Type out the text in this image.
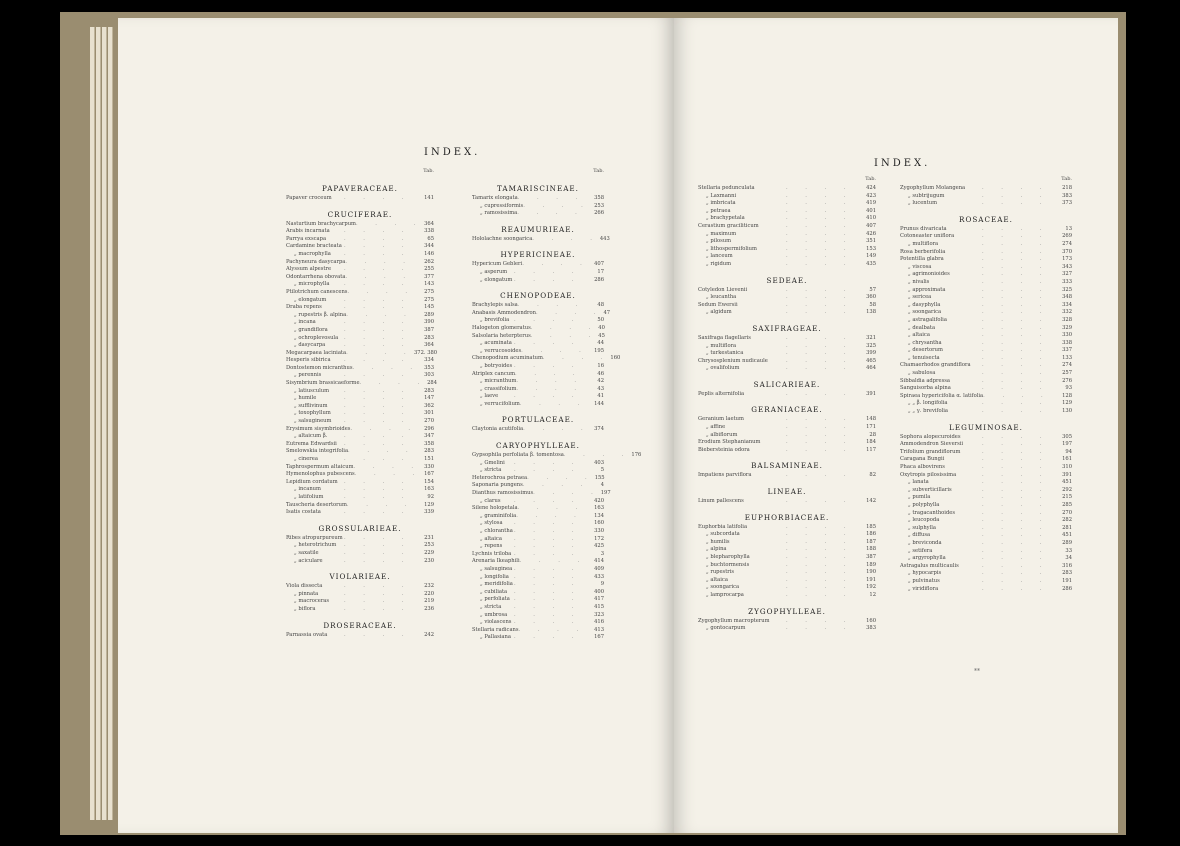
INDEX.
Tab.
PAPAVERACEAE.
Papaver croceum	. . . .	141
CRUCIFERAE.
Nasturtium brachycarpum . . . . 364
Arabis incarnata	. . . .	338
Parrya exscapa	. . . .	65
Cardamine bracteata . . . .	344
„ macrophylla	. . . .	146
Pachyneura dasycarpa . . . .	262
Alyssum alpestre	. . . .	255
Odontarrhena obovata . . . .	377
„ microphylla	. . . .	143
Ptilotrichum canescens . . . .	275
„ elongatum	. . . .	275
Draba repens	. . . .	145
„ rupestris β. alpina . . . .	289
„ incana	. . . .	390
„ grandiflora	. . . .	387
„ ochroplevosula	. . . .	283
„ dasycarpa	. . . .	364
Megacarpaea laciniata . . . . 372. 380
Hesperis sibirica	. . . .	334
Dontostemon micranthus . . . . 353
„ perennis	. . . .	303
Sisymbrium brassicaeforme . . . . 284
„ latiusculum	. . . .	283
„ humile	. . . .	147
„ sufflivinum	. . . .	362
„ toxophyllum	. . . .	301
„ salsugineum	. . . .	270
Erysimum sisymbrioides . . . .	296
„ altaicum β.	. . . .	347
Eutrema Edwardsii	. . . .	358
Smelowskia integrifolia . . . .	283
„ cinerea	. . . .	151
Taphrospermum altaicum . . . . 330
Hymenolophus pubescens . . . . 167
Lepidium cordatum	. . . .	154
„ incanum	. . . .	163
„ latifolium	. . . .	92
Tauscheria desertorum . . . .	129
Isatis costata	. . . .	339
GROSSULARIEAE.
Ribes atropurpureum . . . .	231
„ heterotrichum	. . . .	253
„ saxatile	. . . .	229
„ aciculare	. . . .	230
VIOLARIEAE.
Viola dissecta	. . . .	232
„ pinnata	. . . .	220
„ macroceras	. . . .	219
„ biflora	. . . .	236
DROSERACEAE.
Parnassia ovata	. . . .	242
Tab.
TAMARISCINEAE.
Tamarix elongata . . . .	358
„ cupressiformis . . . . 253
„ ramosissima . . . .	266
REAUMURIEAE.
Hololachne soongarica . . . . 443
HYPERICINEAE.
Hypericum Gebleri . . . . 407
„ asperum	. . . .	17
„ elongatum . . . .	286
CHENOPODEAE.
Brachylepis salsa . . . .	48
Anabasis Ammodendron . . . . 47
„ brevifolia . . . .	50
Halogeton glomeratus . . . . 40
Salsolaria heterpterus . . . . 45
„ acuminata . . . .	44
„ verrucosoides . . . .	195
Chenopodium acuminatum . . . . 160
„ botryoides . . . .	16
Atriplex cancum . . . .	46
„ micranthum . . . .	42
„ crassifolium . . . .	43
„ laeve	. . . .	41
„ verrucifolium . . . .	144
PORTULACEAE.
Claytonia acutifolia . . . . 374
CARYOPHYLLEAE.
Gypsophila perfoliata β. tomentosa . . . . 176
„ Gmelini	. . . .	403
„ stricta	. . . .	5
Heterochroa petraea . . . . 155
Saponaria pungens . . . .	4
Dianthus ramosissimus . . . . 197
„ clarus	. . . .	420
Silene holopetala . . . .	163
„ graminifolia . . . .	134
„ stylosa	. . . .	160
„ chlorantha . . . .	330
„ altaica	. . . .	172
„ repens	. . . .	425
Lychnis triloba . . . .	3
Arenaria Ikeaphili . . . .	414
„ salsuginea . . . .	409
„ longifolia . . . .	433
„ meridifolia . . . .	9
„ cubiliata	. . . .	400
„ perfoliata . . . .	417
„ stricta	. . . .	415
„ umbrosa	. . . .	323
„ violascens . . . .	416
Stellaria radicans . . . .	413
„ Pallasiana . . . .	167
INDEX.
Tab.
Stellaria pedunculata	. . . .	424
„ Laxmanni	. . . .	423
„ imbricata	. . . .	419
„ petraea	. . . .	401
„ brachypetala	. . . .	410
Cerastium graciliticum	. . . .	407
„ maximum	. . . .	426
„ pilosum	. . . .	351
„ lithospermifolium	. . . .	153
„ lanceum	. . . .	149
„ rigidum	. . . .	435
SEDEAE.
Cotyledon Lievenii	. . . .	57
„ leucantha	. . . .	360
Sedum Ewersii	. . . .	58
„ algidum	. . . .	138
SAXIFRAGEAE.
Saxifraga flagellaris	. . . .	321
„ multiflora	. . . .	325
„ turkestanica	. . . .	399
Chrysosplenium nudicaule	. . . .	465
„ ovalifolium	. . . .	464
SALICARIEAE.
Peplis alternifolia	. . . .	391
GERANIACEAE.
Geranium laetum	. . . .	148
„ affine	. . . .	171
„ albiflorum	. . . .	28
Erodium Stephanianum	. . . .	184
Biebersteinia odora	. . . .	117
BALSAMINEAE.
Impatiens parviflora	. . . .	82
LINEAE.
Linum pallescens	. . . .	142
EUPHORBIACEAE.
Euphorbia latifolia	. . . .	185
„ subcordata	. . . .	186
„ humilis	. . . .	187
„ alpina	. . . .	188
„ blepharophylla	. . . .	387
„ buchtormensis	. . . .	189
„ rupestris	. . . .	190
„ altaica	. . . .	191
„ soongarica	. . . .	192
„ lamprocarpa	. . . .	12
ZYGOPHYLLEAE.
Zygophyllum macropterum	. . . .	160
„ gontocarpum	. . . .	383
Tab.
Zygophyllum Molangena	. . . .	218
„ subtrijugum	. . . .	383
„ lucentum	. . . .	373
ROSACEAE.
Prunus divaricata	. . . .	13
Cotoneaster uniflora	. . . .	269
„ multiflora	. . . .	274
Rosa berberifolia	. . . .	370
Potentilla glabra	. . . .	173
„ viscosa	. . . .	343
„ agrimonioides	. . . .	327
„ nivalis	. . . .	333
„ approximata	. . . .	325
„ sericea	. . . .	348
„ dasyphylla	. . . .	334
„ soongarica	. . . .	332
„ astragalifolia	. . . .	328
„ dealbata	. . . .	329
„ altaica	. . . .	330
„ chrysantha	. . . .	338
„ desertorum	. . . .	337
„ tenuisecta	. . . .	133
Chamaerhodos grandiflora	. . . .	274
„ sabulosa	. . . .	257
Sibbaldia adpressa	. . . .	276
Sanguisorba alpina	. . . .	93
Spiraea hypericifolia α. latifolia . . . .	128
„ „ β. longifolia	. . . .	129
„ „ γ. brevifolia	. . . .	130
LEGUMINOSAE.
Sophora alopecuroides	. . . .	305
Ammodendron Sieversii	. . . .	197
Trifolium grandiflorum	. . . .	94
Caragana Bungii	. . . .	161
Phaca albovirens	. . . .	310
Oxytropis pilosissima	. . . .	391
„ lanata	. . . .	451
„ subverticillaris	. . . .	292
„ pumila	. . . .	215
„ polyphylla	. . . .	285
„ tragacanthoides	. . . .	270
„ leucopoda	. . . .	282
„ sulphylla	. . . .	281
„ diffusa	. . . .	451
„ breviconda	. . . .	289
„ setifera	. . . .	33
„ argyrophylla	. . . .	34
Astragalus multicaulis	. . . .	316
„ hypocarpis	. . . .	283
„ pulvinatus	. . . .	191
„ viridiflora	. . . .	286
**
